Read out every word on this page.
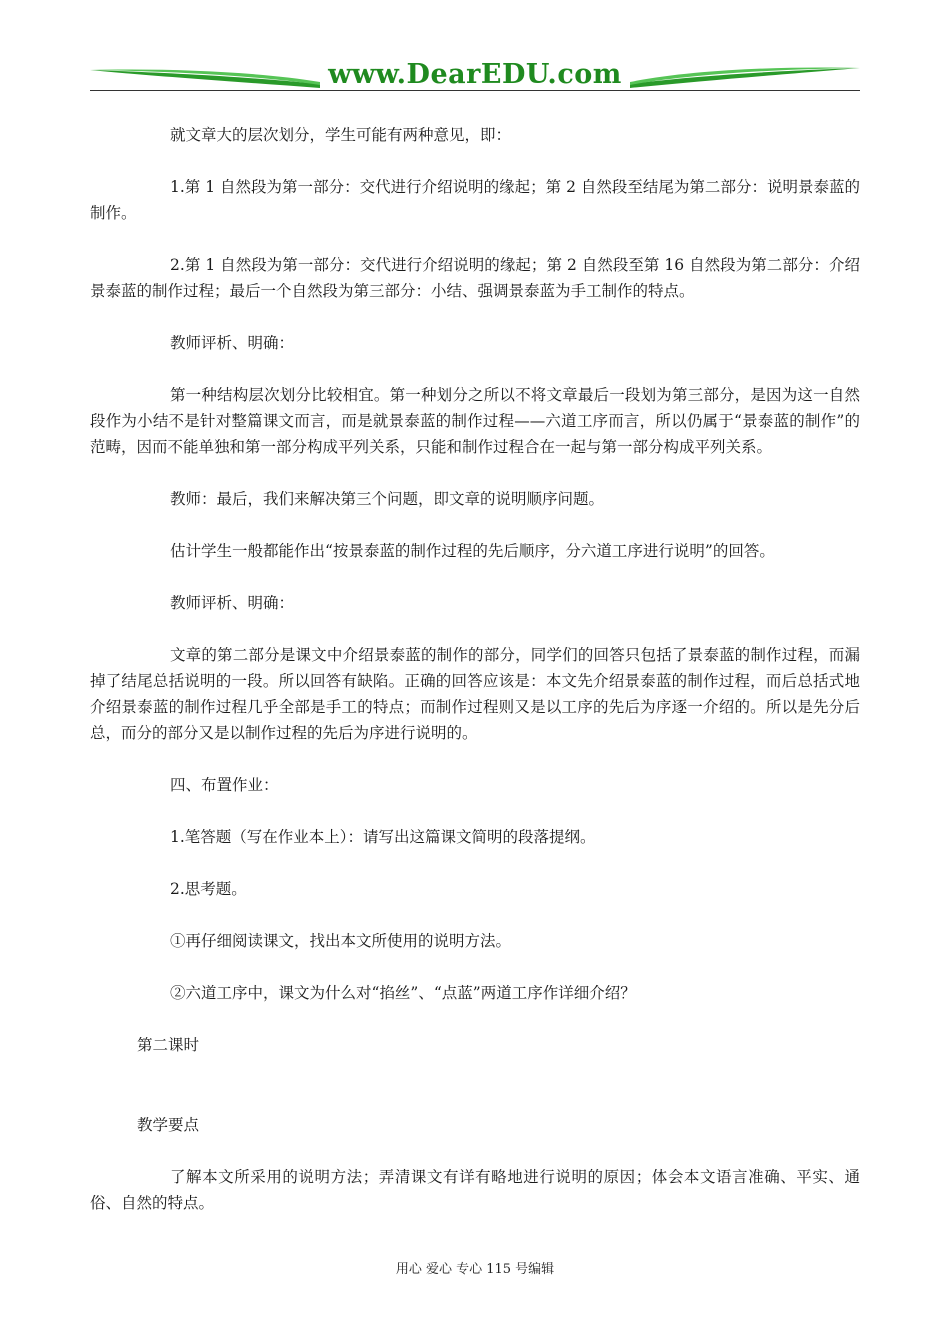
www.DearEDU.com

就文章大的层次划分，学生可能有两种意见，即：

1.第 1 自然段为第一部分：交代进行介绍说明的缘起；第 2 自然段至结尾为第二部分：说明景泰蓝的制作。

2.第 1 自然段为第一部分：交代进行介绍说明的缘起；第 2 自然段至第 16 自然段为第二部分：介绍景泰蓝的制作过程；最后一个自然段为第三部分：小结、强调景泰蓝为手工制作的特点。

教师评析、明确：

第一种结构层次划分比较相宜。第一种划分之所以不将文章最后一段划为第三部分，是因为这一自然段作为小结不是针对整篇课文而言，而是就景泰蓝的制作过程——六道工序而言，所以仍属于“景泰蓝的制作”的范畴，因而不能单独和第一部分构成平列关系，只能和制作过程合在一起与第一部分构成平列关系。

教师：最后，我们来解决第三个问题，即文章的说明顺序问题。

估计学生一般都能作出“按景泰蓝的制作过程的先后顺序，分六道工序进行说明”的回答。

教师评析、明确：

文章的第二部分是课文中介绍景泰蓝的制作的部分，同学们的回答只包括了景泰蓝的制作过程，而漏掉了结尾总括说明的一段。所以回答有缺陷。正确的回答应该是：本文先介绍景泰蓝的制作过程，而后总括式地介绍景泰蓝的制作过程几乎全部是手工的特点；而制作过程则又是以工序的先后为序逐一介绍的。所以是先分后总，而分的部分又是以制作过程的先后为序进行说明的。

四、布置作业：

1.笔答题（写在作业本上）：请写出这篇课文简明的段落提纲。

2.思考题。

①再仔细阅读课文，找出本文所使用的说明方法。

②六道工序中，课文为什么对“掐丝”、“点蓝”两道工序作详细介绍？

第二课时

教学要点

了解本文所采用的说明方法；弄清课文有详有略地进行说明的原因；体会本文语言准确、平实、通俗、自然的特点。

用心 爱心 专心 115 号编辑
